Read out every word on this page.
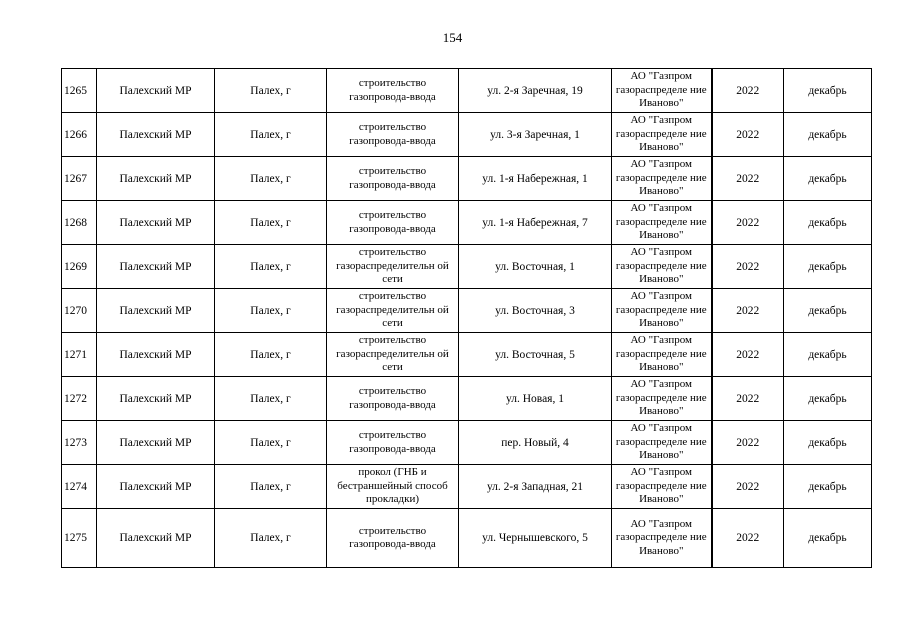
154
1265	Палехский МР	Палех, г	строительство газопровода-ввода	ул. 2-я Заречная, 19	АО "Газпром газораспределе ние Иваново"	2022	декабрь
1266	Палехский МР	Палех, г	строительство газопровода-ввода	ул. 3-я Заречная, 1	АО "Газпром газораспределе ние Иваново"	2022	декабрь
1267	Палехский МР	Палех, г	строительство газопровода-ввода	ул. 1-я Набережная, 1	АО "Газпром газораспределе ние Иваново"	2022	декабрь
1268	Палехский МР	Палех, г	строительство газопровода-ввода	ул. 1-я Набережная, 7	АО "Газпром газораспределе ние Иваново"	2022	декабрь
1269	Палехский МР	Палех, г	строительство газораспределительн ой сети	ул. Восточная, 1	АО "Газпром газораспределе ние Иваново"	2022	декабрь
1270	Палехский МР	Палех, г	строительство газораспределительн ой сети	ул. Восточная, 3	АО "Газпром газораспределе ние Иваново"	2022	декабрь
1271	Палехский МР	Палех, г	строительство газораспределительн ой сети	ул. Восточная, 5	АО "Газпром газораспределе ние Иваново"	2022	декабрь
1272	Палехский МР	Палех, г	строительство газопровода-ввода	ул. Новая, 1	АО "Газпром газораспределе ние Иваново"	2022	декабрь
1273	Палехский МР	Палех, г	строительство газопровода-ввода	пер. Новый, 4	АО "Газпром газораспределе ние Иваново"	2022	декабрь
1274	Палехский МР	Палех, г	прокол (ГНБ и бестраншейный способ прокладки)	ул. 2-я Западная, 21	АО "Газпром газораспределе ние Иваново"	2022	декабрь
1275	Палехский МР	Палех, г	строительство газопровода-ввода	ул. Чернышевского, 5	АО "Газпром газораспределе ние Иваново"	2022	декабрь
